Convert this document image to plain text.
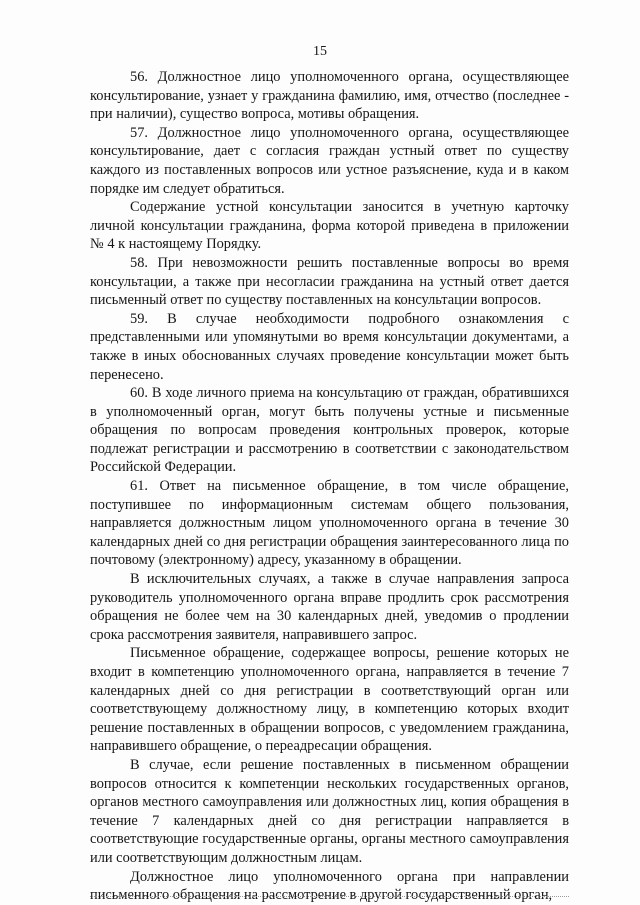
15

56. Должностное лицо уполномоченного органа, осуществляющее консультирование, узнает у гражданина фамилию, имя, отчество (последнее - при наличии), существо вопроса, мотивы обращения.

57. Должностное лицо уполномоченного органа, осуществляющее консультирование, дает с согласия граждан устный ответ по существу каждого из поставленных вопросов или устное разъяснение, куда и в каком порядке им следует обратиться.

Содержание устной консультации заносится в учетную карточку личной консультации гражданина, форма которой приведена в приложении № 4 к настоящему Порядку.

58. При невозможности решить поставленные вопросы во время консультации, а также при несогласии гражданина на устный ответ дается письменный ответ по существу поставленных на консультации вопросов.

59. В случае необходимости подробного ознакомления с представленными или упомянутыми во время консультации документами, а также в иных обоснованных случаях проведение консультации может быть перенесено.

60. В ходе личного приема на консультацию от граждан, обратившихся в уполномоченный орган, могут быть получены устные и письменные обращения по вопросам проведения контрольных проверок, которые подлежат регистрации и рассмотрению в соответствии с законодательством Российской Федерации.

61. Ответ на письменное обращение, в том числе обращение, поступившее по информационным системам общего пользования, направляется должностным лицом уполномоченного органа в течение 30 календарных дней со дня регистрации обращения заинтересованного лица по почтовому (электронному) адресу, указанному в обращении.

В исключительных случаях, а также в случае направления запроса руководитель уполномоченного органа вправе продлить срок рассмотрения обращения не более чем на 30 календарных дней, уведомив о продлении срока рассмотрения заявителя, направившего запрос.

Письменное обращение, содержащее вопросы, решение которых не входит в компетенцию уполномоченного органа, направляется в течение 7 календарных дней со дня регистрации в соответствующий орган или соответствующему должностному лицу, в компетенцию которых входит решение поставленных в обращении вопросов, с уведомлением гражданина, направившего обращение, о переадресации обращения.

В случае, если решение поставленных в письменном обращении вопросов относится к компетенции нескольких государственных органов, органов местного самоуправления или должностных лиц, копия обращения в течение 7 календарных дней со дня регистрации направляется в соответствующие государственные органы, органы местного самоуправления или соответствующим должностным лицам.

Должностное лицо уполномоченного органа при направлении письменного обращения на рассмотрение в другой государственный орган,
